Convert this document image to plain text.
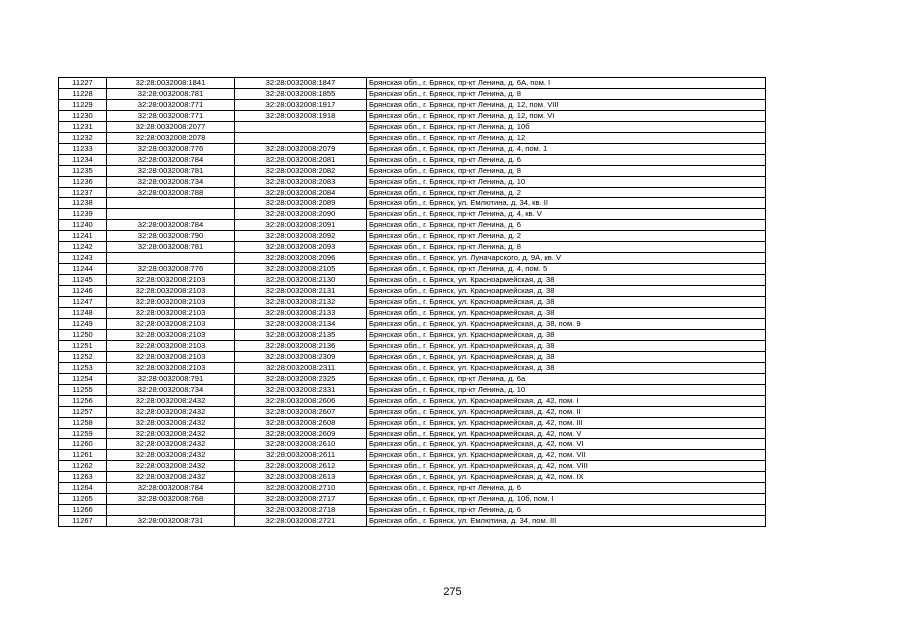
11227	32:28:0032008:1841	32:28:0032008:1847	Брянская обл., г. Брянск, пр-кт Ленина, д. 6А, пом. I
11228	32:28:0032008:781	32:28:0032008:1855	Брянская обл., г. Брянск, пр-кт Ленина, д. 8
11229	32:28:0032008:771	32:28:0032008:1917	Брянская обл., г. Брянск, пр-кт Ленина, д. 12, пом. VIII
11230	32:28:0032008:771	32:28:0032008:1918	Брянская обл., г. Брянск, пр-кт Ленина, д. 12, пом. VI
11231	32:28:0032008:2077		Брянская обл., г. Брянск, пр-кт Ленина, д. 10б
11232	32:28:0032008:2078		Брянская обл., г. Брянск, пр-кт Ленина, д. 12
11233	32:28:0032008:776	32:28:0032008:2079	Брянская обл., г. Брянск, пр-кт Ленина, д. 4, пом. 1
11234	32:28:0032008:784	32:28:0032008:2081	Брянская обл., г. Брянск, пр-кт Ленина, д. 6
11235	32:28:0032008:781	32:28:0032008:2082	Брянская обл., г. Брянск, пр-кт Ленина, д. 8
11236	32:28:0032008:734	32:28:0032008:2083	Брянская обл., г. Брянск, пр-кт Ленина, д. 10
11237	32:28:0032008:788	32:28:0032008:2084	Брянская обл., г. Брянск, пр-кт Ленина, д. 2
11238		32:28:0032008:2089	Брянская обл., г. Брянск, ул. Емлютина, д. 34, кв. II
11239		32:28:0032008:2090	Брянская обл., г. Брянск, пр-кт Ленина, д. 4, кв. V
11240	32:28:0032008:784	32:28:0032008:2091	Брянская обл., г. Брянск, пр-кт Ленина, д. 6
11241	32:28:0032008:790	32:28:0032008:2092	Брянская обл., г. Брянск, пр-кт Ленина, д. 2
11242	32:28:0032008:781	32:28:0032008:2093	Брянская обл., г. Брянск, пр-кт Ленина, д. 8
11243		32:28:0032008:2096	Брянская обл., г. Брянск, ул. Луначарского, д. 9А, кв. V
11244	32:28:0032008:776	32:28:0032008:2105	Брянская обл., г. Брянск, пр-кт Ленина, д. 4, пом. 5
11245	32:28:0032008:2103	32:28:0032008:2130	Брянская обл., г. Брянск, ул. Красноармейская, д. 38
11246	32:28:0032008:2103	32:28:0032008:2131	Брянская обл., г. Брянск, ул. Красноармейская, д. 38
11247	32:28:0032008:2103	32:28:0032008:2132	Брянская обл., г. Брянск, ул. Красноармейская, д. 38
11248	32:28:0032008:2103	32:28:0032008:2133	Брянская обл., г. Брянск, ул. Красноармейская, д. 38
11249	32:28:0032008:2103	32:28:0032008:2134	Брянская обл., г. Брянск, ул. Красноармейская, д. 38, пом. 9
11250	32:28:0032008:2103	32:28:0032008:2135	Брянская обл., г. Брянск, ул. Красноармейская, д. 38
11251	32:28:0032008:2103	32:28:0032008:2136	Брянская обл., г. Брянск, ул. Красноармейская, д. 38
11252	32:28:0032008:2103	32:28:0032008:2309	Брянская обл., г. Брянск, ул. Красноармейская, д. 38
11253	32:28:0032008:2103	32:28:0032008:2311	Брянская обл., г. Брянск, ул. Красноармейская, д. 38
11254	32:28:0032008:791	32:28:0032008:2325	Брянская обл., г. Брянск, пр-кт Ленина, д. 6а
11255	32:28:0032008:734	32:28:0032008:2331	Брянская обл., г. Брянск, пр-кт Ленина, д. 10
11256	32:28:0032008:2432	32:28:0032008:2606	Брянская обл., г. Брянск, ул. Красноармейская, д. 42, пом. I
11257	32:28:0032008:2432	32:28:0032008:2607	Брянская обл., г. Брянск, ул. Красноармейская, д. 42, пом. II
11258	32:28:0032008:2432	32:28:0032008:2608	Брянская обл., г. Брянск, ул. Красноармейская, д. 42, пом. III
11259	32:28:0032008:2432	32:28:0032008:2609	Брянская обл., г. Брянск, ул. Красноармейская, д. 42, пом. V
11260	32:28:0032008:2432	32:28:0032008:2610	Брянская обл., г. Брянск, ул. Красноармейская, д. 42, пом. VI
11261	32:28:0032008:2432	32:28:0032008:2611	Брянская обл., г. Брянск, ул. Красноармейская, д. 42, пом. VII
11262	32:28:0032008:2432	32:28:0032008:2612	Брянская обл., г. Брянск, ул. Красноармейская, д. 42, пом. VIII
11263	32:28:0032008:2432	32:28:0032008:2613	Брянская обл., г. Брянск, ул. Красноармейская, д. 42, пом. IX
11264	32:28:0032008:784	32:28:0032008:2710	Брянская обл., г. Брянск, пр-кт Ленина, д. 6
11265	32:28:0032008:768	32:28:0032008:2717	Брянская обл., г. Брянск, пр-кт Ленина, д. 10б, пом. I
11266		32:28:0032008:2718	Брянская обл., г. Брянск, пр-кт Ленина, д. 6
11267	32:28:0032008:731	32:28:0032008:2721	Брянская обл., г. Брянск, ул. Емлютина, д. 34, пом. III
275
